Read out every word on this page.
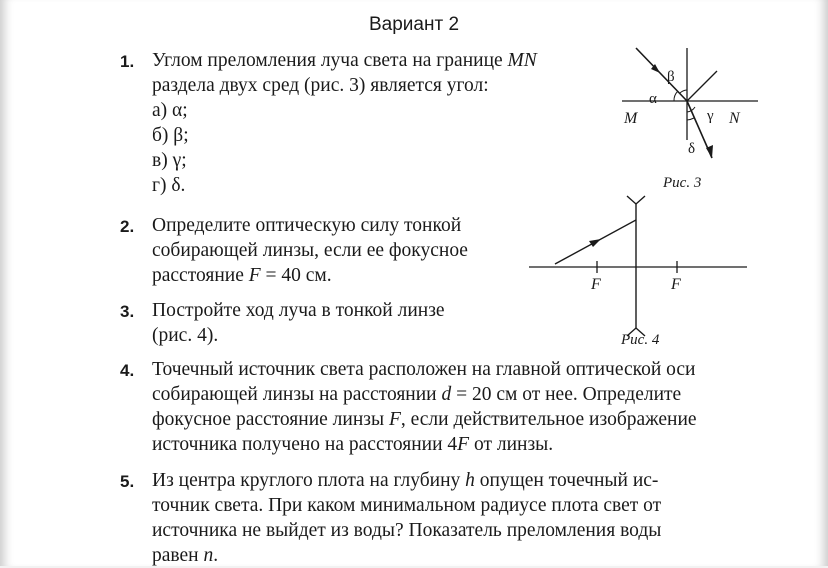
Вариант 2
1. Углом преломления луча света на границе MN
раздела двух сред (рис. 3) является угол:
а) α;
б) β;
в) γ;
г) δ.
2. Определите оптическую силу тонкой
собирающей линзы, если ее фокусное
расстояние F = 40 см.
3. Постройте ход луча в тонкой линзе
(рис. 4).
4. Точечный источник света расположен на главной оптической оси
собирающей линзы на расстоянии d = 20 см от нее. Определите
фокусное расстояние линзы F, если действительное изображение
источника получено на расстоянии 4F от линзы.
5. Из центра круглого плота на глубину h опущен точечный ис-
точник света. При каком минимальном радиусе плота свет от
источника не выйдет из воды? Показатель преломления воды
равен n.
β
α
γ
δ
M	N
Рис. 3
F	F
Рис. 4
